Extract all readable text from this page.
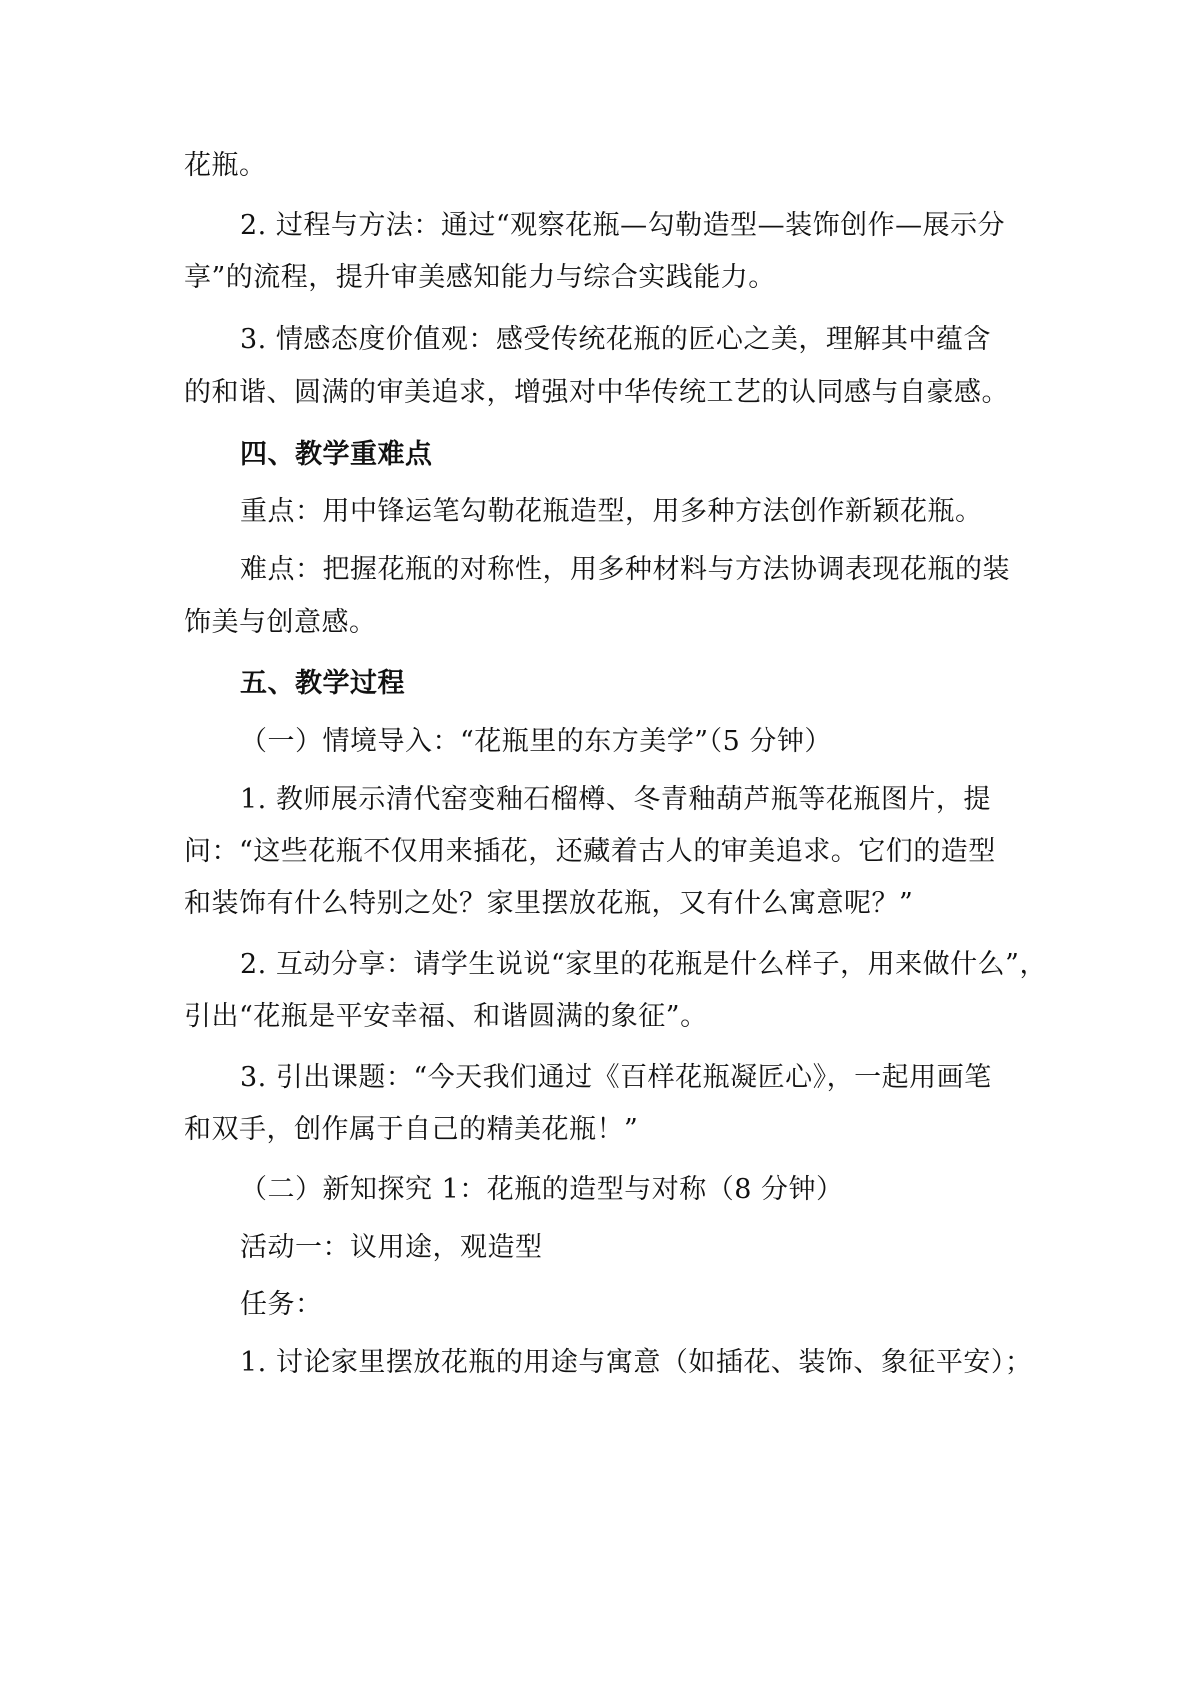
花瓶。
2. 过程与方法：通过“观察花瓶—勾勒造型—装饰创作—展示分
享”的流程，提升审美感知能力与综合实践能力。
3. 情感态度价值观：感受传统花瓶的匠心之美，理解其中蕴含
的和谐、圆满的审美追求，增强对中华传统工艺的认同感与自豪感。
四、教学重难点
重点：用中锋运笔勾勒花瓶造型，用多种方法创作新颖花瓶。
难点：把握花瓶的对称性，用多种材料与方法协调表现花瓶的装
饰美与创意感。
五、教学过程
（一）情境导入：“花瓶里的东方美学”（5 分钟）
1. 教师展示清代窑变釉石榴樽、冬青釉葫芦瓶等花瓶图片，提
问：“这些花瓶不仅用来插花，还藏着古人的审美追求。它们的造型
和装饰有什么特别之处？家里摆放花瓶，又有什么寓意呢？”
2. 互动分享：请学生说说“家里的花瓶是什么样子，用来做什么”，
引出“花瓶是平安幸福、和谐圆满的象征”。
3. 引出课题：“今天我们通过《百样花瓶凝匠心》，一起用画笔
和双手，创作属于自己的精美花瓶！”
（二）新知探究 1：花瓶的造型与对称（8 分钟）
活动一：议用途，观造型
任务：
1. 讨论家里摆放花瓶的用途与寓意（如插花、装饰、象征平安）；
